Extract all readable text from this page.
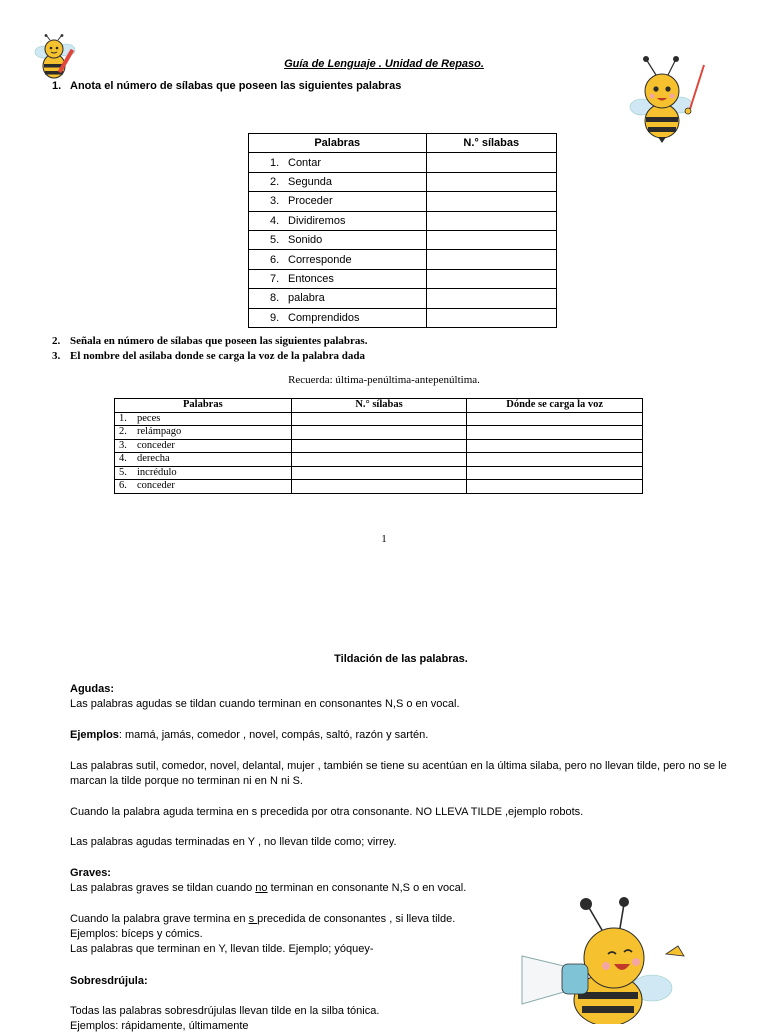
Guía de Lenguaje . Unidad de Repaso.
1. Anota el número de sílabas que poseen las siguientes palabras
Palabras	N.° sílabas
1. Contar	
2. Segunda	
3. Proceder	
4. Dividiremos	
5. Sonido	
6. Corresponde	
7. Entonces	
8. palabra	
9. Comprendidos	
2. Señala en número de sílabas que poseen las siguientes palabras.
3. El nombre del asilaba donde se carga la voz de la palabra dada
Recuerda: última-penúltima-antepenúltima.
Palabras	N.° sílabas	Dónde se carga la voz
1. peces		
2. relámpago		
3. conceder		
4. derecha		
5. incrédulo		
6. conceder		
1
Tildación de las palabras.
Agudas:
Las palabras agudas se tildan cuando terminan en consonantes N,S o en vocal.
Ejemplos: mamá, jamás, comedor , novel, compás, saltó, razón y sartén.
Las palabras sutil, comedor, novel, delantal, mujer , también se tiene su acentúan en la última silaba, pero no llevan tilde, pero no se le marcan la tilde porque no terminan ni en N ni S.
Cuando la palabra aguda termina en s precedida por otra consonante. NO LLEVA TILDE ,ejemplo robots.
Las palabras agudas terminadas en Y , no llevan tilde como; virrey.
Graves:
Las palabras graves se tildan cuando no terminan en consonante N,S o en vocal.
Cuando la palabra grave termina en s precedida de consonantes , si lleva tilde.
Ejemplos: bíceps y cómics.
Las palabras que terminan en Y, llevan tilde. Ejemplo; yóquey-
Sobresdrújula:
Todas las palabras sobresdrújulas llevan tilde en la silba tónica.
Ejemplos: rápidamente, últimamente
